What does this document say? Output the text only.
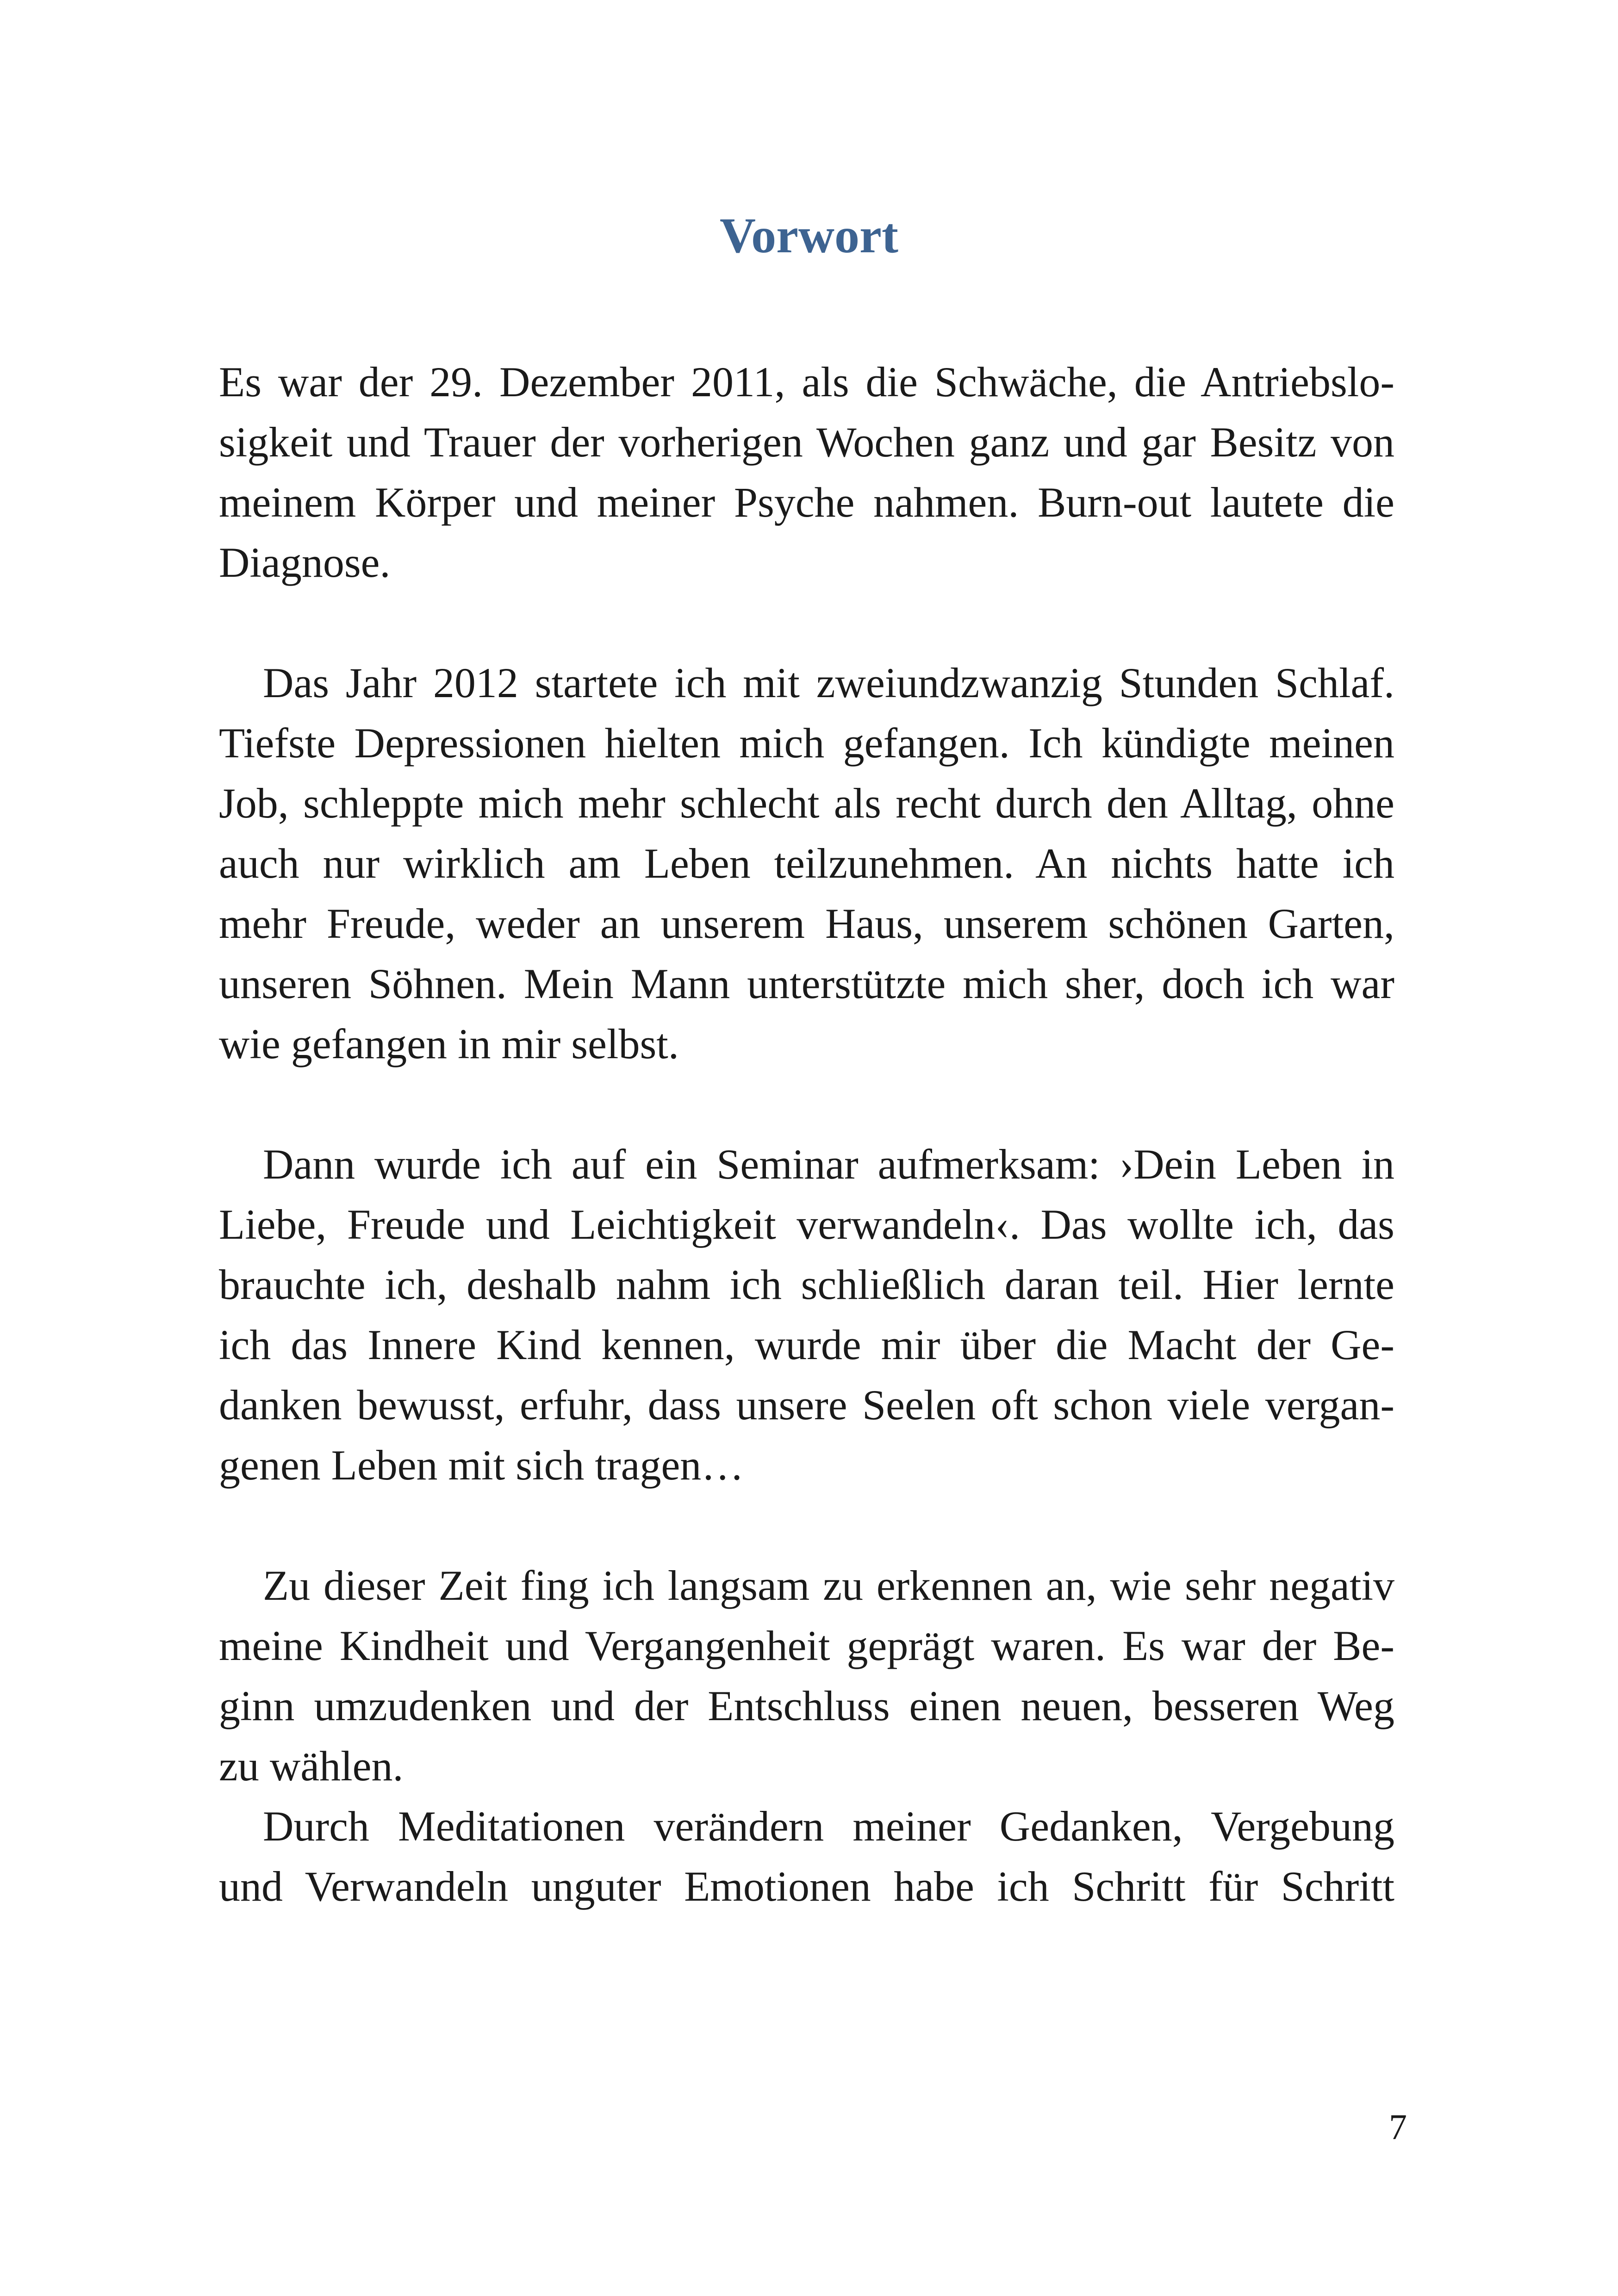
Vorwort
Es war der 29. Dezember 2011, als die Schwäche, die Antriebslo-
sigkeit und Trauer der vorherigen Wochen ganz und gar Besitz von
meinem Körper und meiner Psyche nahmen. Burn-out lautete die
Diagnose.
Das Jahr 2012 startete ich mit zweiundzwanzig Stunden Schlaf.
Tiefste Depressionen hielten mich gefangen. Ich kündigte meinen
Job, schleppte mich mehr schlecht als recht durch den Alltag, ohne
auch nur wirklich am Leben teilzunehmen. An nichts hatte ich
mehr Freude, weder an unserem Haus, unserem schönen Garten,
unseren Söhnen. Mein Mann unterstützte mich sher, doch ich war
wie gefangen in mir selbst.
Dann wurde ich auf ein Seminar aufmerksam: ›Dein Leben in
Liebe, Freude und Leichtigkeit verwandeln‹. Das wollte ich, das
brauchte ich, deshalb nahm ich schließlich daran teil. Hier lernte
ich das Innere Kind kennen, wurde mir über die Macht der Ge-
danken bewusst, erfuhr, dass unsere Seelen oft schon viele vergan-
genen Leben mit sich tragen…
Zu dieser Zeit fing ich langsam zu erkennen an, wie sehr negativ
meine Kindheit und Vergangenheit geprägt waren. Es war der Be-
ginn umzudenken und der Entschluss einen neuen, besseren Weg
zu wählen.
Durch Meditationen verändern meiner Gedanken, Vergebung
und Verwandeln unguter Emotionen habe ich Schritt für Schritt
7
